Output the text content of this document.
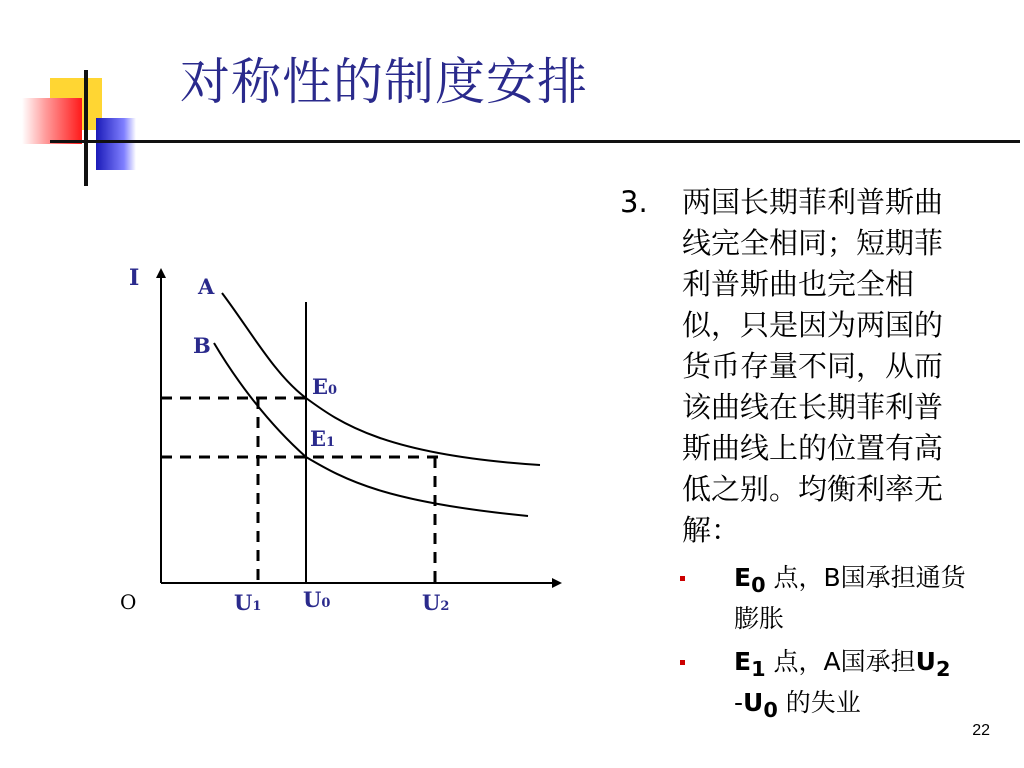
对称性的制度安排
I
O
A
B
E0
E1
U1 U0	U2
3.	两国长期菲利普斯曲线完全相同；短期菲利普斯曲也完全相似，只是因为两国的货币存量不同，从而该曲线在长期菲利普斯曲线上的位置有高低之别。均衡利率无解：
$E_0$ 点，B国承担通货膨胀
$E_1$ 点，A国承担$U_2$
$-U_0$ 的失业
22
